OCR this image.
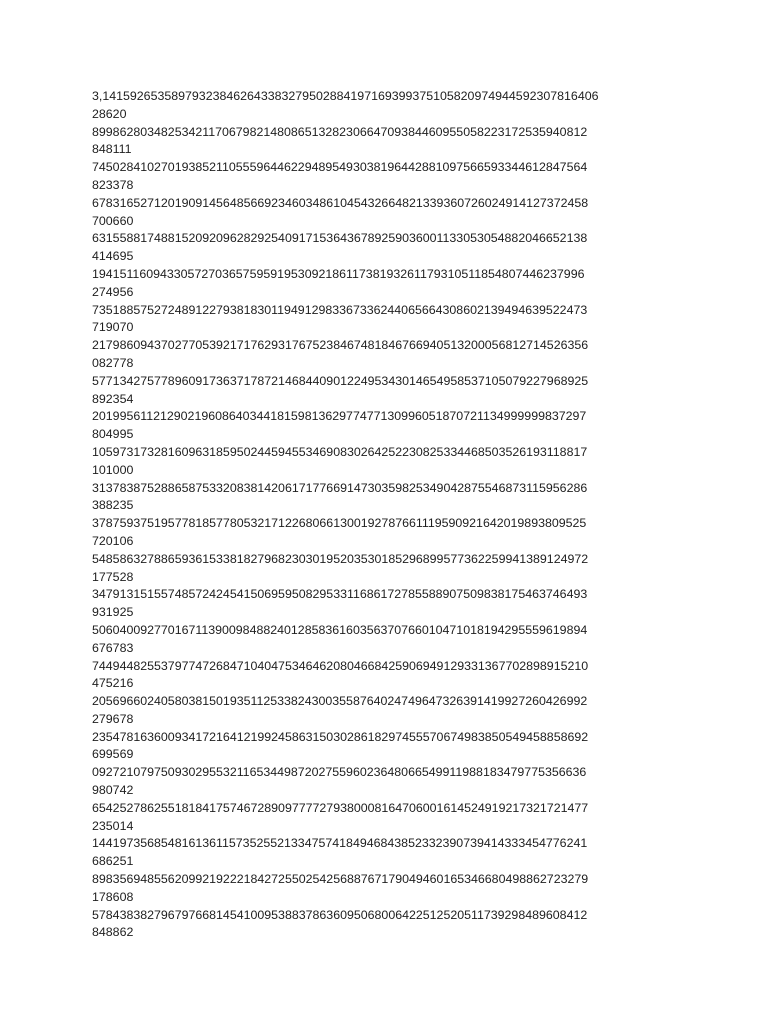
3,141592653589793238462643383279502884197169399375105820974944592307816406
28620
899862803482534211706798214808651328230664709384460955058223172535940812
848111
745028410270193852110555964462294895493038196442881097566593344612847564
823378
678316527120190914564856692346034861045432664821339360726024914127372458
700660
631558817488152092096282925409171536436789259036001133053054882046652138
414695
194151160943305727036575959195309218611738193261179310511854807446237996
274956
735188575272489122793818301194912983367336244065664308602139494639522473
719070
217986094370277053921717629317675238467481846766940513200056812714526356
082778
577134275778960917363717872146844090122495343014654958537105079227968925
892354
201995611212902196086403441815981362977477130996051870721134999999837297
804995
105973173281609631859502445945534690830264252230825334468503526193118817
101000
313783875288658753320838142061717766914730359825349042875546873115956286
388235
378759375195778185778053217122680661300192787661119590921642019893809525
720106
548586327886593615338182796823030195203530185296899577362259941389124972
177528
347913151557485724245415069595082953311686172785588907509838175463746493
931925
506040092770167113900984882401285836160356370766010471018194295559619894
676783
744944825537977472684710404753464620804668425906949129331367702898915210
475216
205696602405803815019351125338243003558764024749647326391419927260426992
279678
235478163600934172164121992458631503028618297455570674983850549458858692
699569
092721079750930295532116534498720275596023648066549911988183479775356636
980742
654252786255181841757467289097777279380008164706001614524919217321721477
235014
144197356854816136115735255213347574184946843852332390739414333454776241
686251
898356948556209921922218427255025425688767179049460165346680498862723279
178608
578438382796797668145410095388378636095068006422512520511739298489608412
848862
